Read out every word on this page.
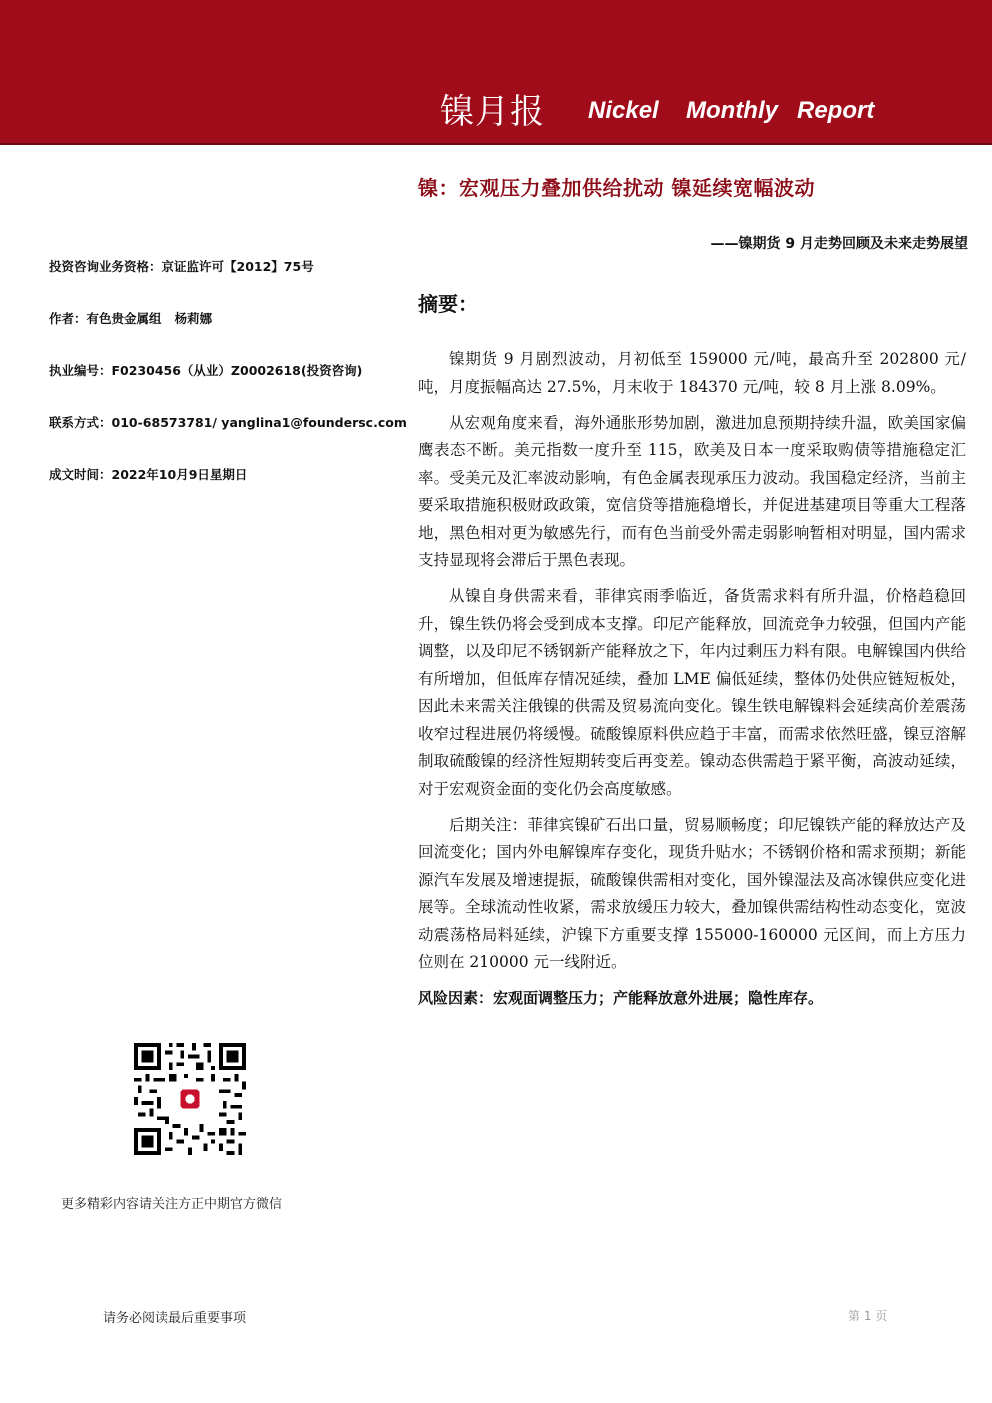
镍月报 Nickel Monthly Report
镍：宏观压力叠加供给扰动 镍延续宽幅波动
——镍期货 9 月走势回顾及未来走势展望
投资咨询业务资格：京证监许可【2012】75号
作者：有色贵金属组   杨莉娜
执业编号：F0230456（从业）Z0002618(投资咨询)
联系方式：010-68573781/ yanglina1@foundersc.com
成文时间：2022年10月9日星期日
摘要：

镍期货 9 月剧烈波动，月初低至 159000 元/吨，最高升至 202800 元/吨，月度振幅高达 27.5%，月末收于 184370 元/吨，较 8 月上涨 8.09%。

从宏观角度来看，海外通胀形势加剧，激进加息预期持续升温，欧美国家偏鹰表态不断。美元指数一度升至 115，欧美及日本一度采取购债等措施稳定汇率。受美元及汇率波动影响，有色金属表现承压力波动。我国稳定经济，当前主要采取措施积极财政政策，宽信贷等措施稳增长，并促进基建项目等重大工程落地，黑色相对更为敏感先行，而有色当前受外需走弱影响暂相对明显，国内需求支持显现将会滞后于黑色表现。

从镍自身供需来看，菲律宾雨季临近，备货需求料有所升温，价格趋稳回升，镍生铁仍将会受到成本支撑。印尼产能释放，回流竞争力较强，但国内产能调整，以及印尼不锈钢新产能释放之下，年内过剩压力料有限。电解镍国内供给有所增加，但低库存情况延续，叠加 LME 偏低延续，整体仍处供应链短板处，因此未来需关注俄镍的供需及贸易流向变化。镍生铁电解镍料会延续高价差震荡收窄过程进展仍将缓慢。硫酸镍原料供应趋于丰富，而需求依然旺盛，镍豆溶解制取硫酸镍的经济性短期转变后再变差。镍动态供需趋于紧平衡，高波动延续，对于宏观资金面的变化仍会高度敏感。

后期关注：菲律宾镍矿石出口量，贸易顺畅度；印尼镍铁产能的释放达产及回流变化；国内外电解镍库存变化，现货升贴水；不锈钢价格和需求预期；新能源汽车发展及增速提振，硫酸镍供需相对变化，国外镍湿法及高冰镍供应变化进展等。全球流动性收紧，需求放缓压力较大，叠加镍供需结构性动态变化，宽波动震荡格局料延续，沪镍下方重要支撑 155000-160000 元区间，而上方压力位则在 210000 元一线附近。

风险因素：宏观面调整压力；产能释放意外进展；隐性库存。

更多精彩内容请关注方正中期官方微信
请务必阅读最后重要事项	第 1 页
